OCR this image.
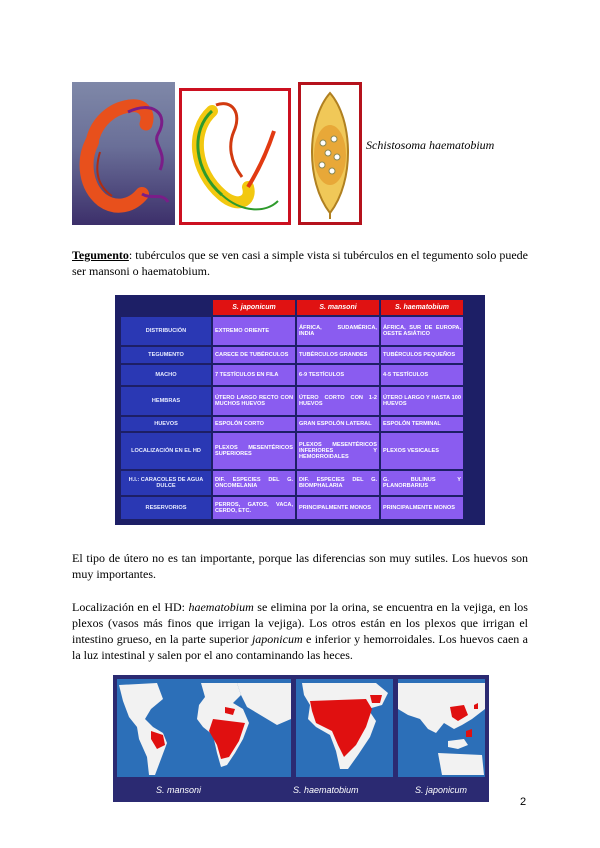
Schistosoma haematobium
Tegumento: tubérculos que se ven casi a simple vista si tubérculos en el tegumento solo puede ser mansoni o haematobium.
	S. japonicum	S. mansoni	S. haematobium
DISTRIBUCIÓN	EXTREMO ORIENTE	ÁFRICA, SUDAMÉRICA, INDIA	ÁFRICA, SUR DE EUROPA, OESTE ASIÁTICO
TEGUMENTO	CARECE DE TUBÉRCULOS	TUBÉRCULOS GRANDES	TUBÉRCULOS PEQUEÑOS
MACHO	7 TESTÍCULOS EN FILA	6-9 TESTÍCULOS	4-5 TESTÍCULOS
HEMBRAS	ÚTERO LARGO RECTO CON MUCHOS HUEVOS	ÚTERO CORTO CON 1-2 HUEVOS	ÚTERO LARGO Y HASTA 100 HUEVOS
HUEVOS	ESPOLÓN CORTO	GRAN ESPOLÓN LATERAL	ESPOLÓN TERMINAL
LOCALIZACIÓN EN EL HD	PLEXOS MESENTÉRICOS SUPERIORES	PLEXOS MESENTÉRICOS INFERIORES Y HEMORROIDALES	PLEXOS VESICALES
H.I.: CARACOLES DE AGUA DULCE	DIF. ESPECIES DEL G. ONCOMELANIA	DIF. ESPECIES DEL G. BIOMPHALARIA	G. BULINUS Y PLANORBARIUS
RESERVORIOS	PERROS, GATOS, VACA, CERDO, ETC.	PRINCIPALMENTE MONOS	PRINCIPALMENTE MONOS
El tipo de útero no es tan importante, porque las diferencias son muy sutiles. Los huevos son muy importantes.
Localización en el HD: haematobium se elimina por la orina, se encuentra en la vejiga, en los plexos (vasos más finos que irrigan la vejiga). Los otros están en los plexos que irrigan el intestino grueso, en la parte superior japonicum e inferior y hemorroidales. Los huevos caen a la luz intestinal y salen por el ano contaminando las heces.
S. mansoni	S. haematobium	S. japonicum
2
